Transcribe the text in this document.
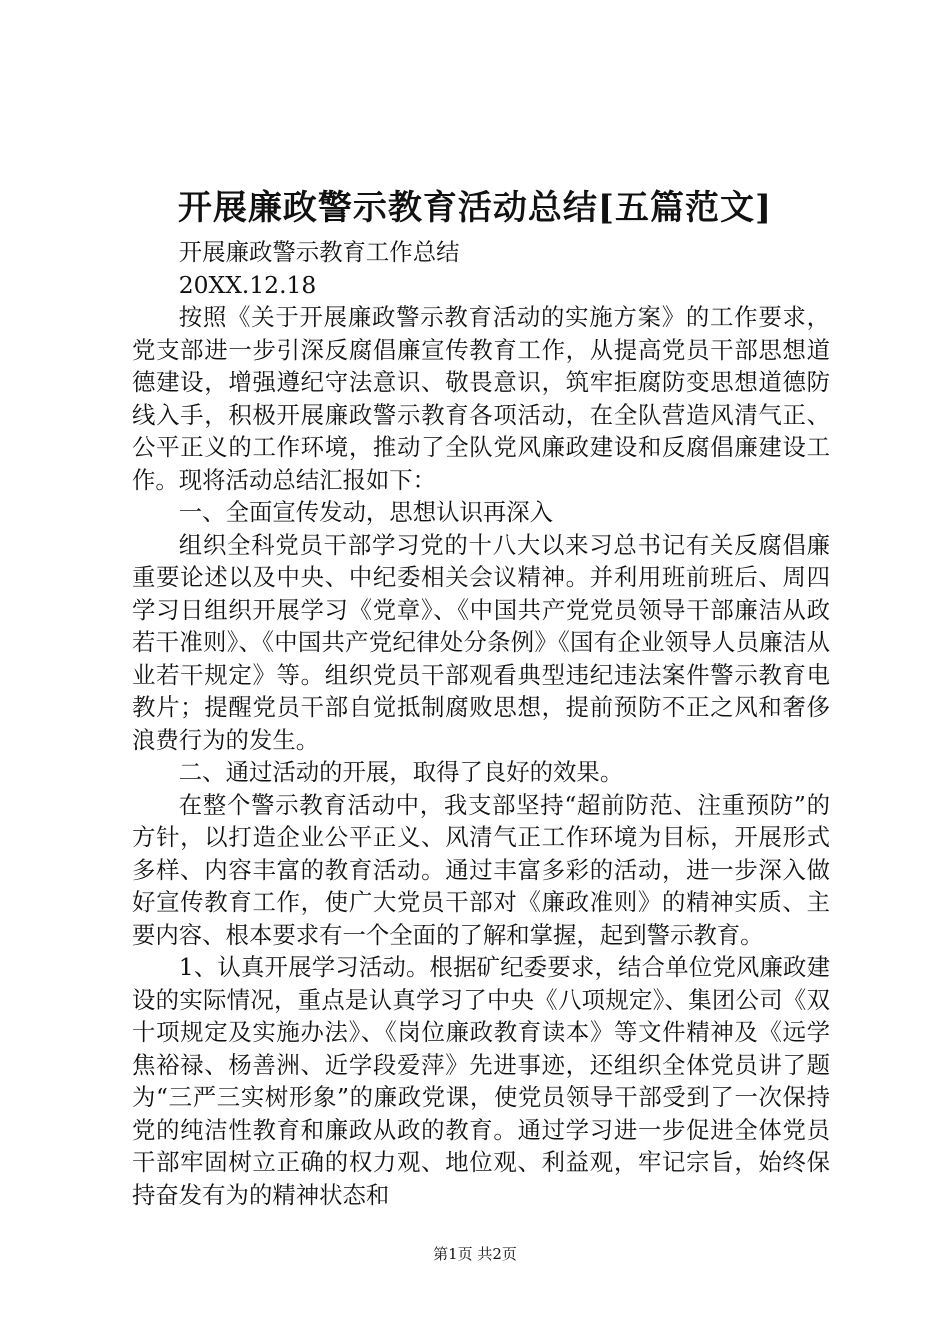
开展廉政警示教育活动总结[五篇范文]

开展廉政警示教育工作总结

20XX.12.18

按照《关于开展廉政警示教育活动的实施方案》的工作要求，党支部进一步引深反腐倡廉宣传教育工作，从提高党员干部思想道德建设，增强遵纪守法意识、敬畏意识，筑牢拒腐防变思想道德防线入手，积极开展廉政警示教育各项活动，在全队营造风清气正、公平正义的工作环境，推动了全队党风廉政建设和反腐倡廉建设工作。现将活动总结汇报如下：

一、全面宣传发动，思想认识再深入

组织全科党员干部学习党的十八大以来习总书记有关反腐倡廉重要论述以及中央、中纪委相关会议精神。并利用班前班后、周四学习日组织开展学习《党章》、《中国共产党党员领导干部廉洁从政若干准则》、《中国共产党纪律处分条例》《国有企业领导人员廉洁从业若干规定》等。组织党员干部观看典型违纪违法案件警示教育电教片；提醒党员干部自觉抵制腐败思想，提前预防不正之风和奢侈浪费行为的发生。

二、通过活动的开展，取得了良好的效果。

在整个警示教育活动中，我支部坚持“超前防范、注重预防”的方针，以打造企业公平正义、风清气正工作环境为目标，开展形式多样、内容丰富的教育活动。通过丰富多彩的活动，进一步深入做好宣传教育工作，使广大党员干部对《廉政准则》的精神实质、主要内容、根本要求有一个全面的了解和掌握，起到警示教育。

1、认真开展学习活动。根据矿纪委要求，结合单位党风廉政建设的实际情况，重点是认真学习了中央《八项规定》、集团公司《双十项规定及实施办法》、《岗位廉政教育读本》等文件精神及《远学焦裕禄、杨善洲、近学段爱萍》先进事迹，还组织全体党员讲了题为“三严三实树形象”的廉政党课，使党员领导干部受到了一次保持党的纯洁性教育和廉政从政的教育。通过学习进一步促进全体党员干部牢固树立正确的权力观、地位观、利益观，牢记宗旨，始终保持奋发有为的精神状态和

第1页 共2页
